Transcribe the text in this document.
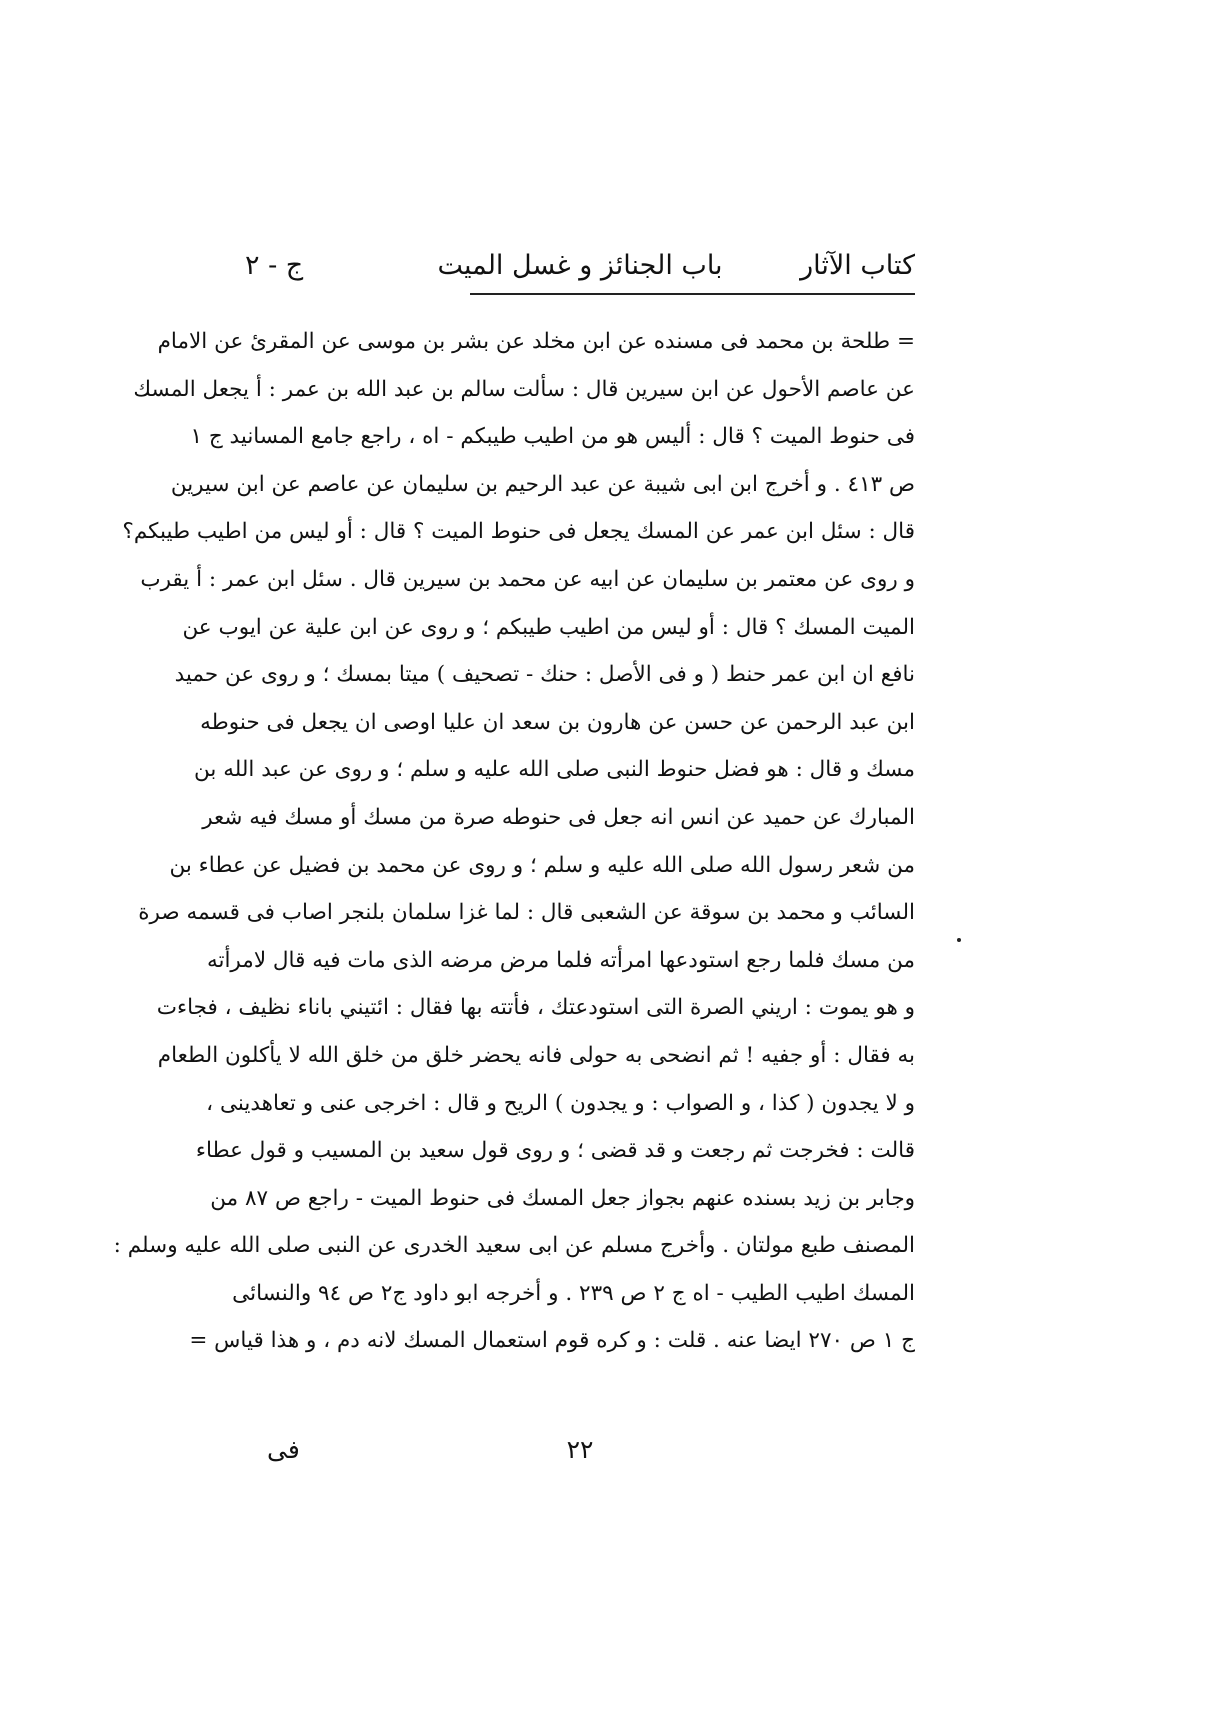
كتاب الآثار
باب الجنائز و غسل الميت
ج - ٢
= طلحة بن محمد فى مسنده عن ابن مخلد عن بشر بن موسى عن المقرئ عن الامام
عن عاصم الأحول عن ابن سيرين قال : سألت سالم بن عبد الله بن عمر : أ يجعل المسك
فى حنوط الميت ؟ قال : أليس هو من اطيب طيبكم - اه ، راجع جامع المسانيد ج ١
ص ٤١٣ . و أخرج ابن ابى شيبة عن عبد الرحيم بن سليمان عن عاصم عن ابن سيرين
قال : سئل ابن عمر عن المسك يجعل فى حنوط الميت ؟ قال : أو ليس من اطيب طيبكم؟
و روى عن معتمر بن سليمان عن ابيه عن محمد بن سيرين قال . سئل ابن عمر : أ يقرب
الميت المسك ؟ قال : أو ليس من اطيب طيبكم ؛ و روى عن ابن علية عن ايوب عن
نافع ان ابن عمر حنط ( و فى الأصل : حنك - تصحيف ) ميتا بمسك ؛ و روى عن حميد
ابن عبد الرحمن عن حسن عن هارون بن سعد ان عليا اوصى ان يجعل فى حنوطه
مسك و قال : هو فضل حنوط النبى صلى الله عليه و سلم ؛ و روى عن عبد الله بن
المبارك عن حميد عن انس انه جعل فى حنوطه صرة من مسك أو مسك فيه شعر
من شعر رسول الله صلى الله عليه و سلم ؛ و روى عن محمد بن فضيل عن عطاء بن
السائب و محمد بن سوقة عن الشعبى قال : لما غزا سلمان بلنجر اصاب فى قسمه صرة
من مسك فلما رجع استودعها امرأته فلما مرض مرضه الذى مات فيه قال لامرأته
و هو يموت : اريني الصرة التى استودعتك ، فأتته بها فقال : ائتيني باناء نظيف ، فجاءت
به فقال : أو جفيه ! ثم انضحى به حولى فانه يحضر خلق من خلق الله لا يأكلون الطعام
و لا يجدون ( كذا ، و الصواب : و يجدون ) الريح و قال : اخرجى عنى و تعاهدينى ،
قالت : فخرجت ثم رجعت و قد قضى ؛ و روى قول سعيد بن المسيب و قول عطاء
وجابر بن زيد بسنده عنهم بجواز جعل المسك فى حنوط الميت - راجع ص ٨٧ من
المصنف طبع مولتان . وأخرج مسلم عن ابى سعيد الخدرى عن النبى صلى الله عليه وسلم :
المسك اطيب الطيب - اه ج ٢ ص ٢٣٩ . و أخرجه ابو داود ج٢ ص ٩٤ والنسائى
ج ١ ص ٢٧٠ ايضا عنه . قلت : و كره قوم استعمال المسك لانه دم ، و هذا قياس =
٢٢
فى
